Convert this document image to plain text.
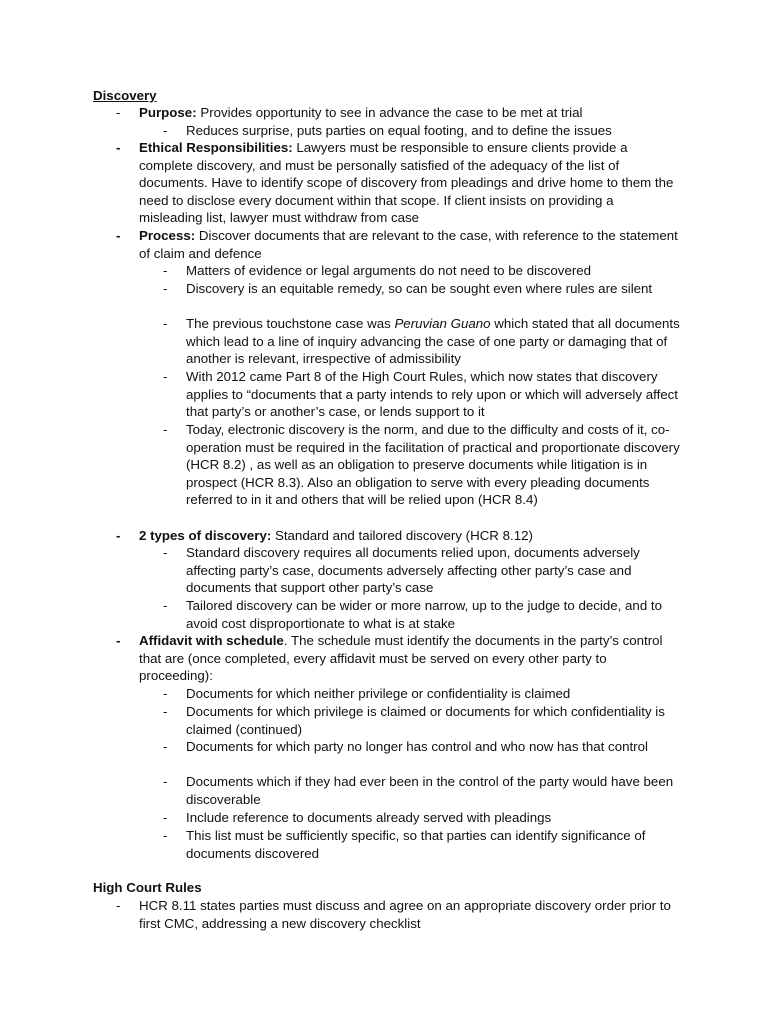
Discovery
- Purpose: Provides opportunity to see in advance the case to be met at trial
- Reduces surprise, puts parties on equal footing, and to define the issues
- Ethical Responsibilities: Lawyers must be responsible to ensure clients provide a complete discovery, and must be personally satisfied of the adequacy of the list of documents. Have to identify scope of discovery from pleadings and drive home to them the need to disclose every document within that scope. If client insists on providing a misleading list, lawyer must withdraw from case
- Process: Discover documents that are relevant to the case, with reference to the statement of claim and defence
- Matters of evidence or legal arguments do not need to be discovered
- Discovery is an equitable remedy, so can be sought even where rules are silent
- The previous touchstone case was Peruvian Guano which stated that all documents which lead to a line of inquiry advancing the case of one party or damaging that of another is relevant, irrespective of admissibility
- With 2012 came Part 8 of the High Court Rules, which now states that discovery applies to “documents that a party intends to rely upon or which will adversely affect that party’s or another’s case, or lends support to it
- Today, electronic discovery is the norm, and due to the difficulty and costs of it, co-operation must be required in the facilitation of practical and proportionate discovery (HCR 8.2) , as well as an obligation to preserve documents while litigation is in prospect (HCR 8.3). Also an obligation to serve with every pleading documents referred to in it and others that will be relied upon (HCR 8.4)
- 2 types of discovery: Standard and tailored discovery (HCR 8.12)
- Standard discovery requires all documents relied upon, documents adversely affecting party’s case, documents adversely affecting other party’s case and documents that support other party’s case
- Tailored discovery can be wider or more narrow, up to the judge to decide, and to avoid cost disproportionate to what is at stake
- Affidavit with schedule. The schedule must identify the documents in the party’s control that are (once completed, every affidavit must be served on every other party to proceeding):
- Documents for which neither privilege or confidentiality is claimed
- Documents for which privilege is claimed or documents for which confidentiality is claimed (continued)
- Documents for which party no longer has control and who now has that control
- Documents which if they had ever been in the control of the party would have been discoverable
- Include reference to documents already served with pleadings
- This list must be sufficiently specific, so that parties can identify significance of documents discovered
High Court Rules
- HCR 8.11 states parties must discuss and agree on an appropriate discovery order prior to first CMC, addressing a new discovery checklist
